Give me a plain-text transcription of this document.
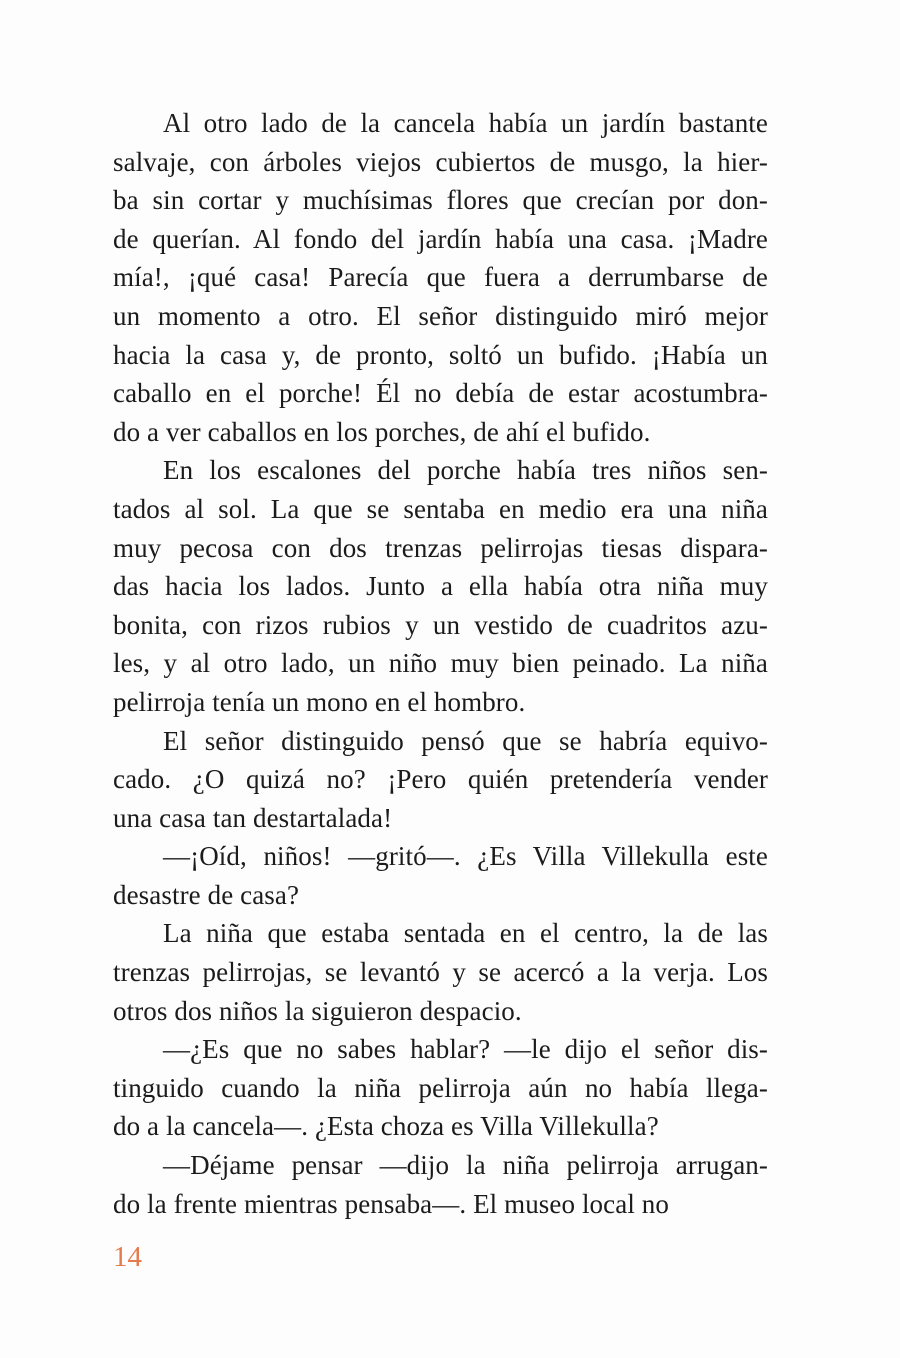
Al otro lado de la cancela había un jardín bastante
salvaje, con árboles viejos cubiertos de musgo, la hier-
ba sin cortar y muchísimas flores que crecían por don-
de querían. Al fondo del jardín había una casa. ¡Madre
mía!, ¡qué casa! Parecía que fuera a derrumbarse de
un momento a otro. El señor distinguido miró mejor
hacia la casa y, de pronto, soltó un bufido. ¡Había un
caballo en el porche! Él no debía de estar acostumbra-
do a ver caballos en los porches, de ahí el bufido.
En los escalones del porche había tres niños sen-
tados al sol. La que se sentaba en medio era una niña
muy pecosa con dos trenzas pelirrojas tiesas dispara-
das hacia los lados. Junto a ella había otra niña muy
bonita, con rizos rubios y un vestido de cuadritos azu-
les, y al otro lado, un niño muy bien peinado. La niña
pelirroja tenía un mono en el hombro.
El señor distinguido pensó que se habría equivo-
cado. ¿O quizá no? ¡Pero quién pretendería vender
una casa tan destartalada!
—¡Oíd, niños! —gritó—. ¿Es Villa Villekulla este
desastre de casa?
La niña que estaba sentada en el centro, la de las
trenzas pelirrojas, se levantó y se acercó a la verja. Los
otros dos niños la siguieron despacio.
—¿Es que no sabes hablar? —le dijo el señor dis-
tinguido cuando la niña pelirroja aún no había llega-
do a la cancela—. ¿Esta choza es Villa Villekulla?
—Déjame pensar —dijo la niña pelirroja arrugan-
do la frente mientras pensaba—. El museo local no
14
